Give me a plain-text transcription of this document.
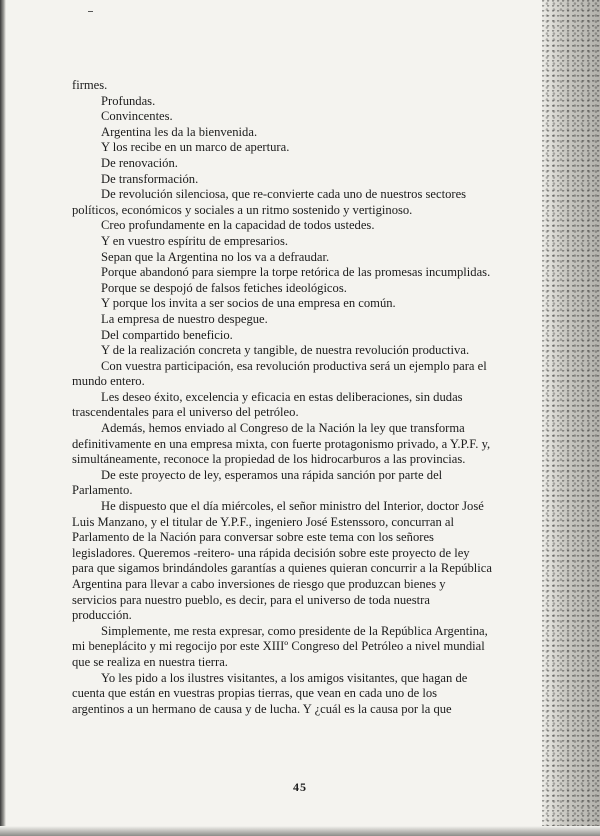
firmes.

Profundas.

Convincentes.

Argentina les da la bienvenida.

Y los recibe en un marco de apertura.

De renovación.

De transformación.

De revolución silenciosa, que re-convierte cada uno de nuestros sectores políticos, económicos y sociales a un ritmo sostenido y vertiginoso.

Creo profundamente en la capacidad de todos ustedes.

Y en vuestro espíritu de empresarios.

Sepan que la Argentina no los va a defraudar.

Porque abandonó para siempre la torpe retórica de las promesas incumplidas.

Porque se despojó de falsos fetiches ideológicos.

Y porque los invita a ser socios de una empresa en común.

La empresa de nuestro despegue.

Del compartido beneficio.

Y de la realización concreta y tangible, de nuestra revolución productiva.

Con vuestra participación, esa revolución productiva será un ejemplo para el mundo entero.

Les deseo éxito, excelencia y eficacia en estas deliberaciones, sin dudas trascendentales para el universo del petróleo.

Además, hemos enviado al Congreso de la Nación la ley que transforma definitivamente en una empresa mixta, con fuerte protagonismo privado, a Y.P.F. y, simultáneamente, reconoce la propiedad de los hidrocarburos a las provincias.

De este proyecto de ley, esperamos una rápida sanción por parte del Parlamento.

He dispuesto que el día miércoles, el señor ministro del Interior, doctor José Luis Manzano, y el titular de Y.P.F., ingeniero José Estenssoro, concurran al Parlamento de la Nación para conversar sobre este tema con los señores legisladores. Queremos -reitero- una rápida decisión sobre este proyecto de ley para que sigamos brindándoles garantías a quienes quieran concurrir a la República Argentina para llevar a cabo inversiones de riesgo que produzcan bienes y servicios para nuestro pueblo, es decir, para el universo de toda nuestra producción.

Simplemente, me resta expresar, como presidente de la República Argentina, mi beneplácito y mi regocijo por este XIIIº Congreso del Petróleo a nivel mundial que se realiza en nuestra tierra.

Yo les pido a los ilustres visitantes, a los amigos visitantes, que hagan de cuenta que están en vuestras propias tierras, que vean en cada uno de los argentinos a un hermano de causa y de lucha. Y ¿cuál es la causa por la que

45
